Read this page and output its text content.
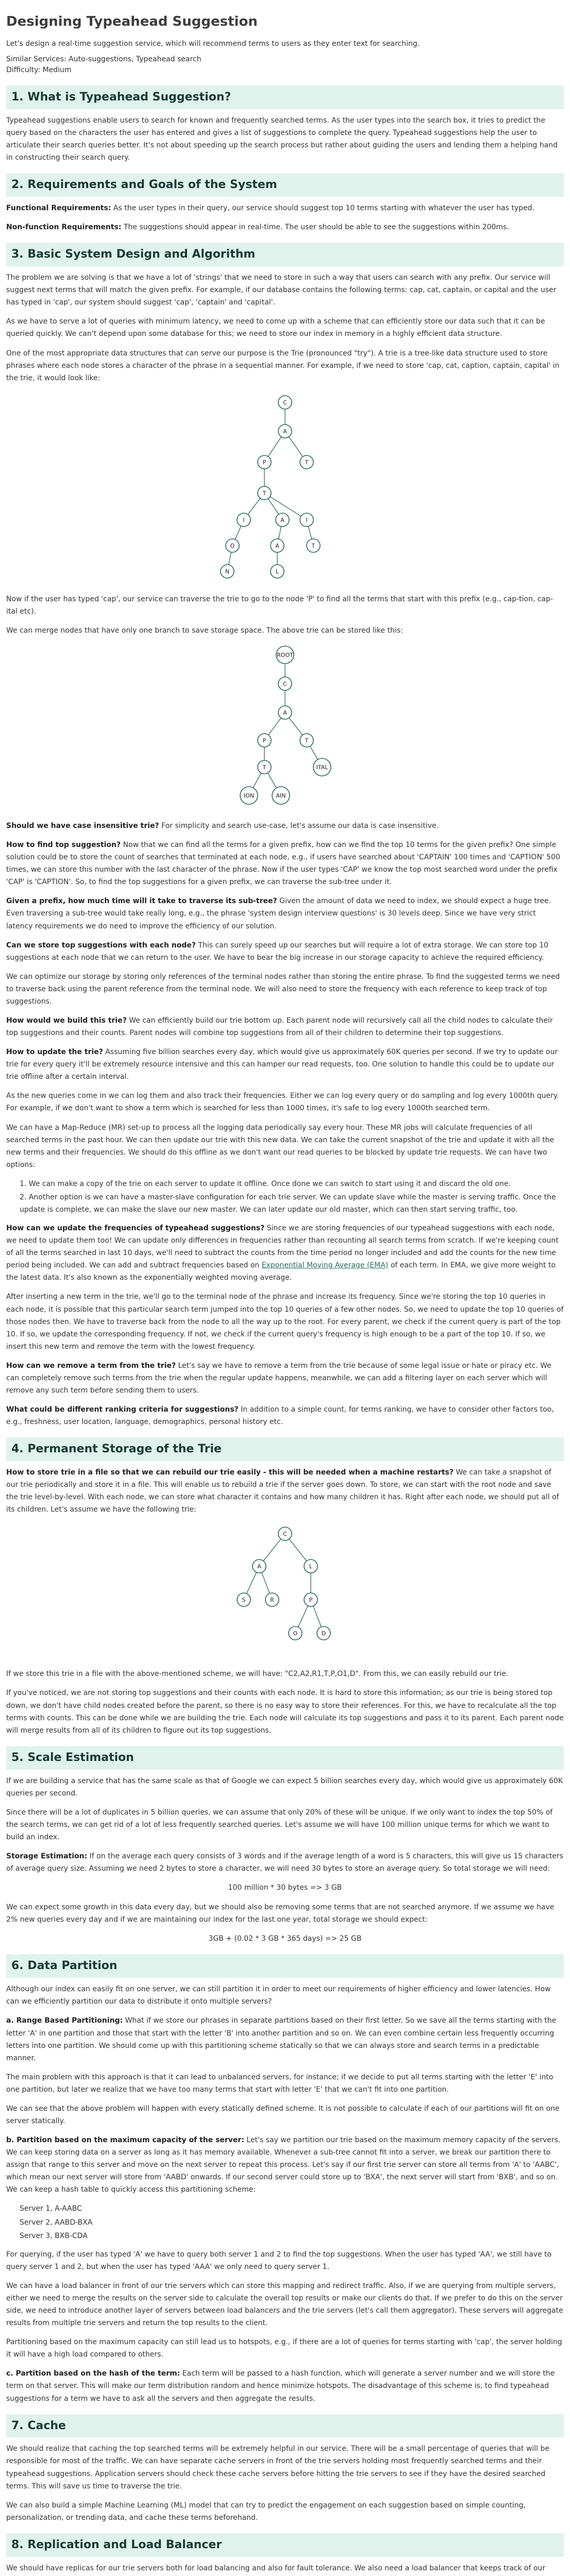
Designing Typeahead Suggestion

Let's design a real-time suggestion service, which will recommend terms to users as they enter text for searching.

Similar Services: Auto-suggestions, Typeahead search

Difficulty: Medium

1. What is Typeahead Suggestion?

Typeahead suggestions enable users to search for known and frequently searched terms. As the user types into the search box, it tries to predict the query based on the characters the user has entered and gives a list of suggestions to complete the query. Typeahead suggestions help the user to articulate their search queries better. It's not about speeding up the search process but rather about guiding the users and lending them a helping hand in constructing their search query.

2. Requirements and Goals of the System

Functional Requirements: As the user types in their query, our service should suggest top 10 terms starting with whatever the user has typed.

Non-function Requirements: The suggestions should appear in real-time. The user should be able to see the suggestions within 200ms.

3. Basic System Design and Algorithm

The problem we are solving is that we have a lot of 'strings' that we need to store in such a way that users can search with any prefix. Our service will suggest next terms that will match the given prefix. For example, if our database contains the following terms: cap, cat, captain, or capital and the user has typed in 'cap', our system should suggest 'cap', 'captain' and 'capital'.

As we have to serve a lot of queries with minimum latency, we need to come up with a scheme that can efficiently store our data such that it can be queried quickly. We can't depend upon some database for this; we need to store our index in memory in a highly efficient data structure.

One of the most appropriate data structures that can serve our purpose is the Trie (pronounced "try"). A trie is a tree-like data structure used to store phrases where each node stores a character of the phrase in a sequential manner. For example, if we need to store 'cap, cat, caption, captain, capital' in the trie, it would look like:

C
A
P	T
T
I	A	I
T
O	A
N	L

Now if the user has typed 'cap', our service can traverse the trie to go to the node 'P' to find all the terms that start with this prefix (e.g., cap-tion, cap-ital etc).

We can merge nodes that have only one branch to save storage space. The above trie can be stored like this:

ROOT
C
A
P	T
T
ION	AIN
ITAL

Should we have case insensitive trie? For simplicity and search use-case, let's assume our data is case insensitive.

How to find top suggestion? Now that we can find all the terms for a given prefix, how can we find the top 10 terms for the given prefix? One simple solution could be to store the count of searches that terminated at each node, e.g., if users have searched about 'CAPTAIN' 100 times and 'CAPTION' 500 times, we can store this number with the last character of the phrase. Now if the user types 'CAP' we know the top most searched word under the prefix 'CAP' is 'CAPTION'. So, to find the top suggestions for a given prefix, we can traverse the sub-tree under it.

Given a prefix, how much time will it take to traverse its sub-tree? Given the amount of data we need to index, we should expect a huge tree. Even traversing a sub-tree would take really long, e.g., the phrase 'system design interview questions' is 30 levels deep. Since we have very strict latency requirements we do need to improve the efficiency of our solution.

Can we store top suggestions with each node? This can surely speed up our searches but will require a lot of extra storage. We can store top 10 suggestions at each node that we can return to the user. We have to bear the big increase in our storage capacity to achieve the required efficiency.

We can optimize our storage by storing only references of the terminal nodes rather than storing the entire phrase. To find the suggested terms we need to traverse back using the parent reference from the terminal node. We will also need to store the frequency with each reference to keep track of top suggestions.

How would we build this trie? We can efficiently build our trie bottom up. Each parent node will recursively call all the child nodes to calculate their top suggestions and their counts. Parent nodes will combine top suggestions from all of their children to determine their top suggestions.

How to update the trie? Assuming five billion searches every day, which would give us approximately 60K queries per second. If we try to update our trie for every query it'll be extremely resource intensive and this can hamper our read requests, too. One solution to handle this could be to update our trie offline after a certain interval.

As the new queries come in we can log them and also track their frequencies. Either we can log every query or do sampling and log every 1000th query. For example, if we don't want to show a term which is searched for less than 1000 times, it's safe to log every 1000th searched term.

We can have a Map-Reduce (MR) set-up to process all the logging data periodically say every hour. These MR jobs will calculate frequencies of all searched terms in the past hour. We can then update our trie with this new data. We can take the current snapshot of the trie and update it with all the new terms and their frequencies. We should do this offline as we don't want our read queries to be blocked by update trie requests. We can have two options:

1. We can make a copy of the trie on each server to update it offline. Once done we can switch to start using it and discard the old one.
2. Another option is we can have a master-slave configuration for each trie server. We can update slave while the master is serving traffic. Once the update is complete, we can make the slave our new master. We can later update our old master, which can then start serving traffic, too.

How can we update the frequencies of typeahead suggestions? Since we are storing frequencies of our typeahead suggestions with each node, we need to update them too! We can update only differences in frequencies rather than recounting all search terms from scratch. If we're keeping count of all the terms searched in last 10 days, we'll need to subtract the counts from the time period no longer included and add the counts for the new time period being included. We can add and subtract frequencies based on Exponential Moving Average (EMA) of each term. In EMA, we give more weight to the latest data. It's also known as the exponentially weighted moving average.

After inserting a new term in the trie, we'll go to the terminal node of the phrase and increase its frequency. Since we're storing the top 10 queries in each node, it is possible that this particular search term jumped into the top 10 queries of a few other nodes. So, we need to update the top 10 queries of those nodes then. We have to traverse back from the node to all the way up to the root. For every parent, we check if the current query is part of the top 10. If so, we update the corresponding frequency. If not, we check if the current query's frequency is high enough to be a part of the top 10. If so, we insert this new term and remove the term with the lowest frequency.

How can we remove a term from the trie? Let's say we have to remove a term from the trie because of some legal issue or hate or piracy etc. We can completely remove such terms from the trie when the regular update happens, meanwhile, we can add a filtering layer on each server which will remove any such term before sending them to users.

What could be different ranking criteria for suggestions? In addition to a simple count, for terms ranking, we have to consider other factors too, e.g., freshness, user location, language, demographics, personal history etc.

4. Permanent Storage of the Trie

How to store trie in a file so that we can rebuild our trie easily - this will be needed when a machine restarts? We can take a snapshot of our trie periodically and store it in a file. This will enable us to rebuild a trie if the server goes down. To store, we can start with the root node and save the trie level-by-level. With each node, we can store what character it contains and how many children it has. Right after each node, we should put all of its children. Let's assume we have the following trie:

C
A	L
S	R	P
O	D

If we store this trie in a file with the above-mentioned scheme, we will have: "C2,A2,R1,T,P,O1,D". From this, we can easily rebuild our trie.

If you've noticed, we are not storing top suggestions and their counts with each node. It is hard to store this information; as our trie is being stored top down, we don't have child nodes created before the parent, so there is no easy way to store their references. For this, we have to recalculate all the top terms with counts. This can be done while we are building the trie. Each node will calculate its top suggestions and pass it to its parent. Each parent node will merge results from all of its children to figure out its top suggestions.

5. Scale Estimation

If we are building a service that has the same scale as that of Google we can expect 5 billion searches every day, which would give us approximately 60K queries per second.

Since there will be a lot of duplicates in 5 billion queries, we can assume that only 20% of these will be unique. If we only want to index the top 50% of the search terms, we can get rid of a lot of less frequently searched queries. Let's assume we will have 100 million unique terms for which we want to build an index.

Storage Estimation: If on the average each query consists of 3 words and if the average length of a word is 5 characters, this will give us 15 characters of average query size. Assuming we need 2 bytes to store a character, we will need 30 bytes to store an average query. So total storage we will need:

100 million * 30 bytes => 3 GB

We can expect some growth in this data every day, but we should also be removing some terms that are not searched anymore. If we assume we have 2% new queries every day and if we are maintaining our index for the last one year, total storage we should expect:

3GB + (0.02 * 3 GB * 365 days) => 25 GB
6. Data Partition

Although our index can easily fit on one server, we can still partition it in order to meet our requirements of higher efficiency and lower latencies. How can we efficiently partition our data to distribute it onto multiple servers?

a. Range Based Partitioning: What if we store our phrases in separate partitions based on their first letter. So we save all the terms starting with the letter 'A' in one partition and those that start with the letter 'B' into another partition and so on. We can even combine certain less frequently occurring letters into one partition. We should come up with this partitioning scheme statically so that we can always store and search terms in a predictable manner.

The main problem with this approach is that it can lead to unbalanced servers, for instance; if we decide to put all terms starting with the letter 'E' into one partition, but later we realize that we have too many terms that start with letter 'E' that we can't fit into one partition.

We can see that the above problem will happen with every statically defined scheme. It is not possible to calculate if each of our partitions will fit on one server statically.

b. Partition based on the maximum capacity of the server: Let's say we partition our trie based on the maximum memory capacity of the servers. We can keep storing data on a server as long as it has memory available. Whenever a sub-tree cannot fit into a server, we break our partition there to assign that range to this server and move on the next server to repeat this process. Let's say if our first trie server can store all terms from 'A' to 'AABC', which mean our next server will store from 'AABD' onwards. If our second server could store up to 'BXA', the next server will start from 'BXB', and so on. We can keep a hash table to quickly access this partitioning scheme:

Server 1, A-AABC
Server 2, AABD-BXA
Server 3, BXB-CDA

For querying, if the user has typed 'A' we have to query both server 1 and 2 to find the top suggestions. When the user has typed 'AA', we still have to query server 1 and 2, but when the user has typed 'AAA' we only need to query server 1.

We can have a load balancer in front of our trie servers which can store this mapping and redirect traffic. Also, if we are querying from multiple servers, either we need to merge the results on the server side to calculate the overall top results or make our clients do that. If we prefer to do this on the server side, we need to introduce another layer of servers between load balancers and the trie servers (let's call them aggregator). These servers will aggregate results from multiple trie servers and return the top results to the client.

Partitioning based on the maximum capacity can still lead us to hotspots, e.g., if there are a lot of queries for terms starting with 'cap', the server holding it will have a high load compared to others.

c. Partition based on the hash of the term: Each term will be passed to a hash function, which will generate a server number and we will store the term on that server. This will make our term distribution random and hence minimize hotspots. The disadvantage of this scheme is, to find typeahead suggestions for a term we have to ask all the servers and then aggregate the results.

7. Cache

We should realize that caching the top searched terms will be extremely helpful in our service. There will be a small percentage of queries that will be responsible for most of the traffic. We can have separate cache servers in front of the trie servers holding most frequently searched terms and their typeahead suggestions. Application servers should check these cache servers before hitting the trie servers to see if they have the desired searched terms. This will save us time to traverse the trie.

We can also build a simple Machine Learning (ML) model that can try to predict the engagement on each suggestion based on simple counting, personalization, or trending data, and cache these terms beforehand.

8. Replication and Load Balancer

We should have replicas for our trie servers both for load balancing and also for fault tolerance. We also need a load balancer that keeps track of our
